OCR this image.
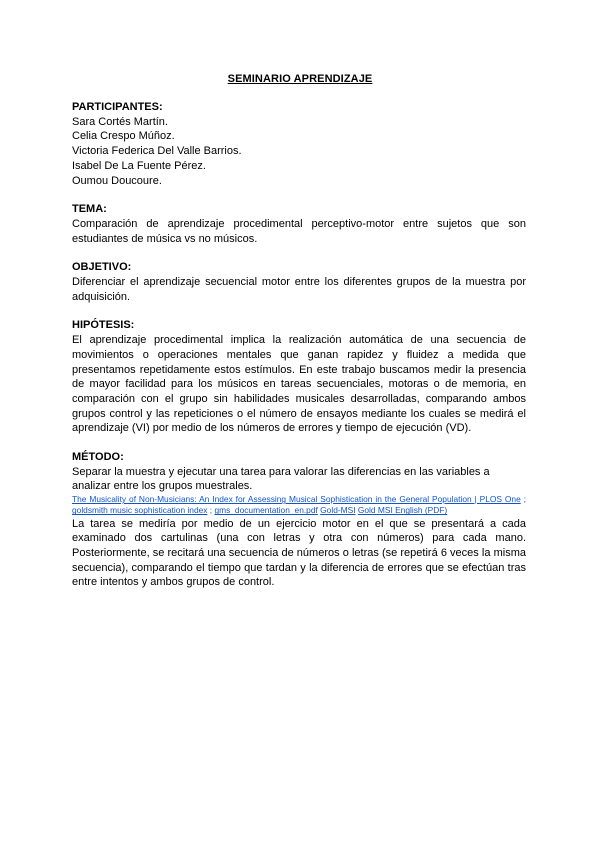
SEMINARIO APRENDIZAJE
PARTICIPANTES:
Sara Cortés Martín.
Celia Crespo Múñoz.
Victoria Federica Del Valle Barrios.
Isabel De La Fuente Pérez.
Oumou Doucoure.
TEMA:
Comparación de aprendizaje procedimental perceptivo-motor entre sujetos que son estudiantes de música vs no músicos.
OBJETIVO:
Diferenciar el aprendizaje secuencial motor entre los diferentes grupos de la muestra por adquisición.
HIPÓTESIS:
El aprendizaje procedimental implica la realización automática de una secuencia de movimientos o operaciones mentales que ganan rapidez y fluidez a medida que presentamos repetidamente estos estímulos. En este trabajo buscamos medir la presencia de mayor facilidad para los músicos en tareas secuenciales, motoras o de memoria, en comparación con el grupo sin habilidades musicales desarrolladas, comparando ambos grupos control y las repeticiones o el número de ensayos mediante los cuales se medirá el aprendizaje (VI) por medio de los números de errores y tiempo de ejecución (VD).
MÉTODO:
Separar la muestra y ejecutar una tarea para valorar las diferencias en las variables a analizar entre los grupos muestrales.
The Musicality of Non-Musicians: An Index for Assessing Musical Sophistication in the General Population | PLOS One ; goldsmith music sophistication index ; gms_documentation_en.pdf Gold-MSI Gold MSI English (PDF)
La tarea se mediría por medio de un ejercicio motor en el que se presentará a cada examinado dos cartulinas (una con letras y otra con números) para cada mano. Posteriormente, se recitará una secuencia de números o letras (se repetirá 6 veces la misma secuencia), comparando el tiempo que tardan y la diferencia de errores que se efectúan tras entre intentos y ambos grupos de control.
